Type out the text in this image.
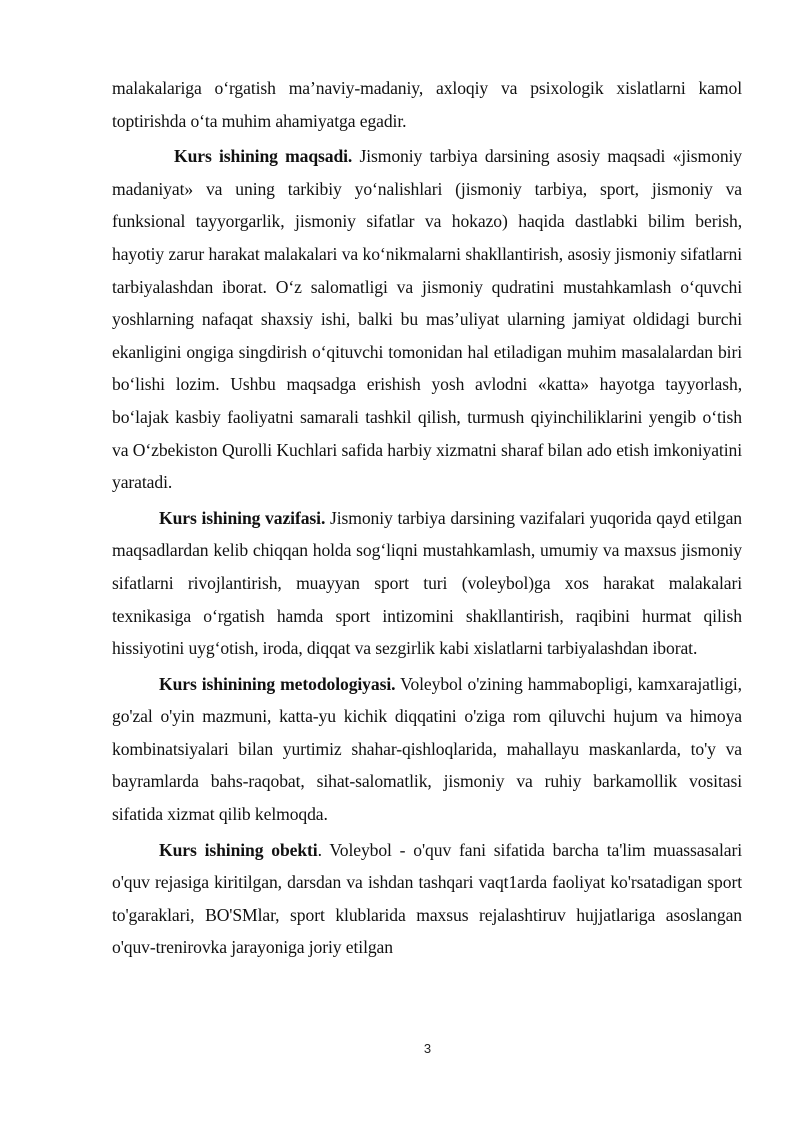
malakalariga o‘rgatish ma’naviy-madaniy, axloqiy va psixologik xislatlarni kamol toptirishda o‘ta muhim ahamiyatga egadir.

Kurs ishining maqsadi. Jismoniy tarbiya darsining asosiy maqsadi «jismoniy madaniyat» va uning tarkibiy yo‘nalishlari (jismoniy tarbiya, sport, jismoniy va funksional tayyorgarlik, jismoniy sifatlar va hokazo) haqida dastlabki bilim berish, hayotiy zarur harakat malakalari va ko‘nikmalarni shakllantirish, asosiy jismoniy sifatlarni tarbiyalashdan iborat. O‘z salomatligi va jismoniy qudratini mustahkamlash o‘quvchi yoshlarning nafaqat shaxsiy ishi, balki bu mas’uliyat ularning jamiyat oldidagi burchi ekanligini ongiga singdirish o‘qituvchi tomonidan hal etiladigan muhim masalalardan biri bo‘lishi lozim. Ushbu maqsadga erishish yosh avlodni «katta» hayotga tayyorlash, bo‘lajak kasbiy faoliyatni samarali tashkil qilish, turmush qiyinchiliklarini yengib o‘tish va O‘zbekiston Qurolli Kuchlari safida harbiy xizmatni sharaf bilan ado etish imkoniyatini yaratadi.

Kurs ishining vazifasi. Jismoniy tarbiya darsining vazifalari yuqorida qayd etilgan maqsadlardan kelib chiqqan holda sog‘liqni mustahkamlash, umumiy va maxsus jismoniy sifatlarni rivojlantirish, muayyan sport turi (voleybol)ga xos harakat malakalari texnikasiga o‘rgatish hamda sport intizomini shakllantirish, raqibini hurmat qilish hissiyotini uyg‘otish, iroda, diqqat va sezgirlik kabi xislatlarni tarbiyalashdan iborat.

Kurs ishinining metodologiyasi. Voleybol o'zining hammabopligi, kamxarajatligi, go'zal o'yin mazmuni, katta-yu kichik diqqatini o'ziga rom qiluvchi hujum va himoya kombinatsiyalari bilan yurtimiz shahar-qishloqlarida, mahallayu maskanlarda, to'y va bayramlarda bahs-raqobat, sihat-salomatlik, jismoniy va ruhiy barkamollik vositasi sifatida xizmat qilib kelmoqda.

Kurs ishining obekti. Voleybol - o'quv fani sifatida barcha ta'lim muassasalari o'quv rejasiga kiritilgan, darsdan va ishdan tashqari vaqt1arda faoliyat ko'rsatadigan sport to'garaklari, BO'SMlar, sport klublarida maxsus rejalashtiruv hujjatlariga asoslangan o'quv-trenirovka jarayoniga joriy etilgan

3
